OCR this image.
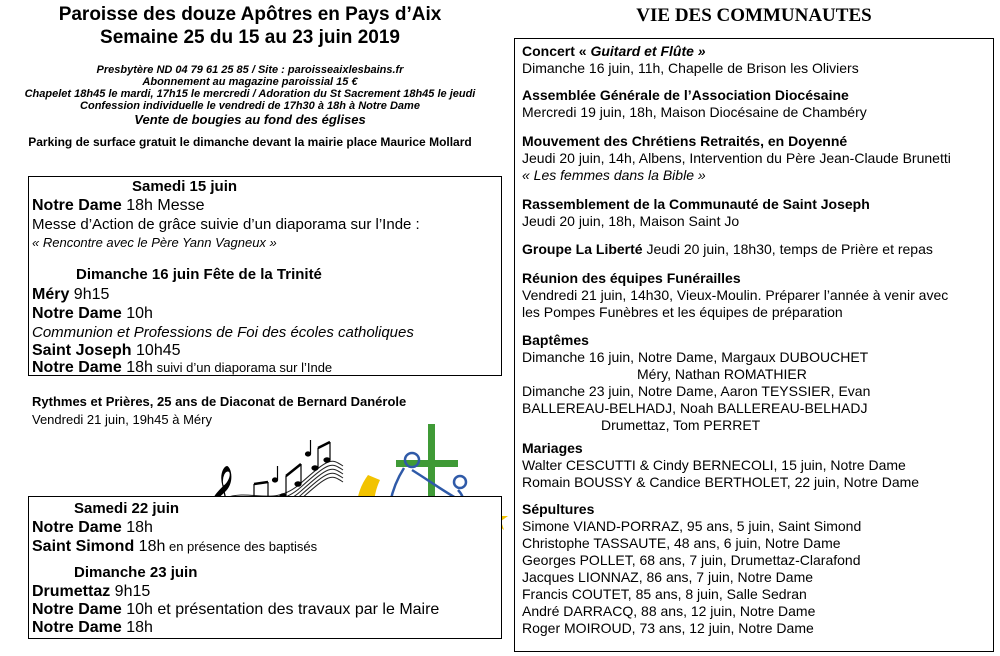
Paroisse des douze Apôtres en Pays d’Aix
Semaine 25 du 15 au 23 juin 2019
Presbytère ND 04 79 61 25 85 / Site : paroisseaixlesbains.fr
Abonnement au magazine paroissial 15 €
Chapelet 18h45 le mardi, 17h15 le mercredi / Adoration du St Sacrement 18h45 le jeudi
Confession individuelle le vendredi de 17h30 à 18h à Notre Dame
Vente de bougies au fond des églises
Parking de surface gratuit le dimanche devant la mairie place Maurice Mollard
Samedi 15 juin
Notre Dame 18h Messe
Messe d’Action de grâce suivie d’un diaporama sur l’Inde :
« Rencontre avec le Père Yann Vagneux »
Dimanche 16 juin Fête de la Trinité
Méry 9h15
Notre Dame 10h
Communion et Professions de Foi des écoles catholiques
Saint Joseph 10h45
Notre Dame 18h suivi d’un diaporama sur l’Inde
Rythmes et Prières, 25 ans de Diaconat de Bernard Danérole
Vendredi 21 juin, 19h45 à Méry
Samedi 22 juin
Notre Dame 18h
Saint Simond 18h en présence des baptisés
Dimanche 23 juin
Drumettaz 9h15
Notre Dame 10h et présentation des travaux par le Maire
Notre Dame 18h
VIE DES COMMUNAUTES
Concert « Guitard et Flûte »
Dimanche 16 juin, 11h, Chapelle de Brison les Oliviers
Assemblée Générale de l’Association Diocésaine
Mercredi 19 juin, 18h, Maison Diocésaine de Chambéry
Mouvement des Chrétiens Retraités, en Doyenné
Jeudi 20 juin, 14h, Albens, Intervention du Père Jean-Claude Brunetti
« Les femmes dans la Bible »
Rassemblement de la Communauté de Saint Joseph
Jeudi 20 juin, 18h, Maison Saint Jo
Groupe La Liberté Jeudi 20 juin, 18h30, temps de Prière et repas
Réunion des équipes Funérailles
Vendredi 21 juin, 14h30, Vieux-Moulin. Préparer l’année à venir avec
les Pompes Funèbres et les équipes de préparation
Baptêmes
Dimanche 16 juin, Notre Dame, Margaux DUBOUCHET
Méry, Nathan ROMATHIER
Dimanche 23 juin, Notre Dame, Aaron TEYSSIER, Evan
BALLEREAU-BELHADJ, Noah BALLEREAU-BELHADJ
Drumettaz, Tom PERRET
Mariages
Walter CESCUTTI & Cindy BERNECOLI, 15 juin, Notre Dame
Romain BOUSSY & Candice BERTHOLET, 22 juin, Notre Dame
Sépultures
Simone VIAND-PORRAZ, 95 ans, 5 juin, Saint Simond
Christophe TASSAUTE, 48 ans, 6 juin, Notre Dame
Georges POLLET, 68 ans, 7 juin, Drumettaz-Clarafond
Jacques LIONNAZ, 86 ans, 7 juin, Notre Dame
Francis COUTET, 85 ans, 8 juin, Salle Sedran
André DARRACQ, 88 ans, 12 juin, Notre Dame
Roger MOIROUD, 73 ans, 12 juin, Notre Dame
